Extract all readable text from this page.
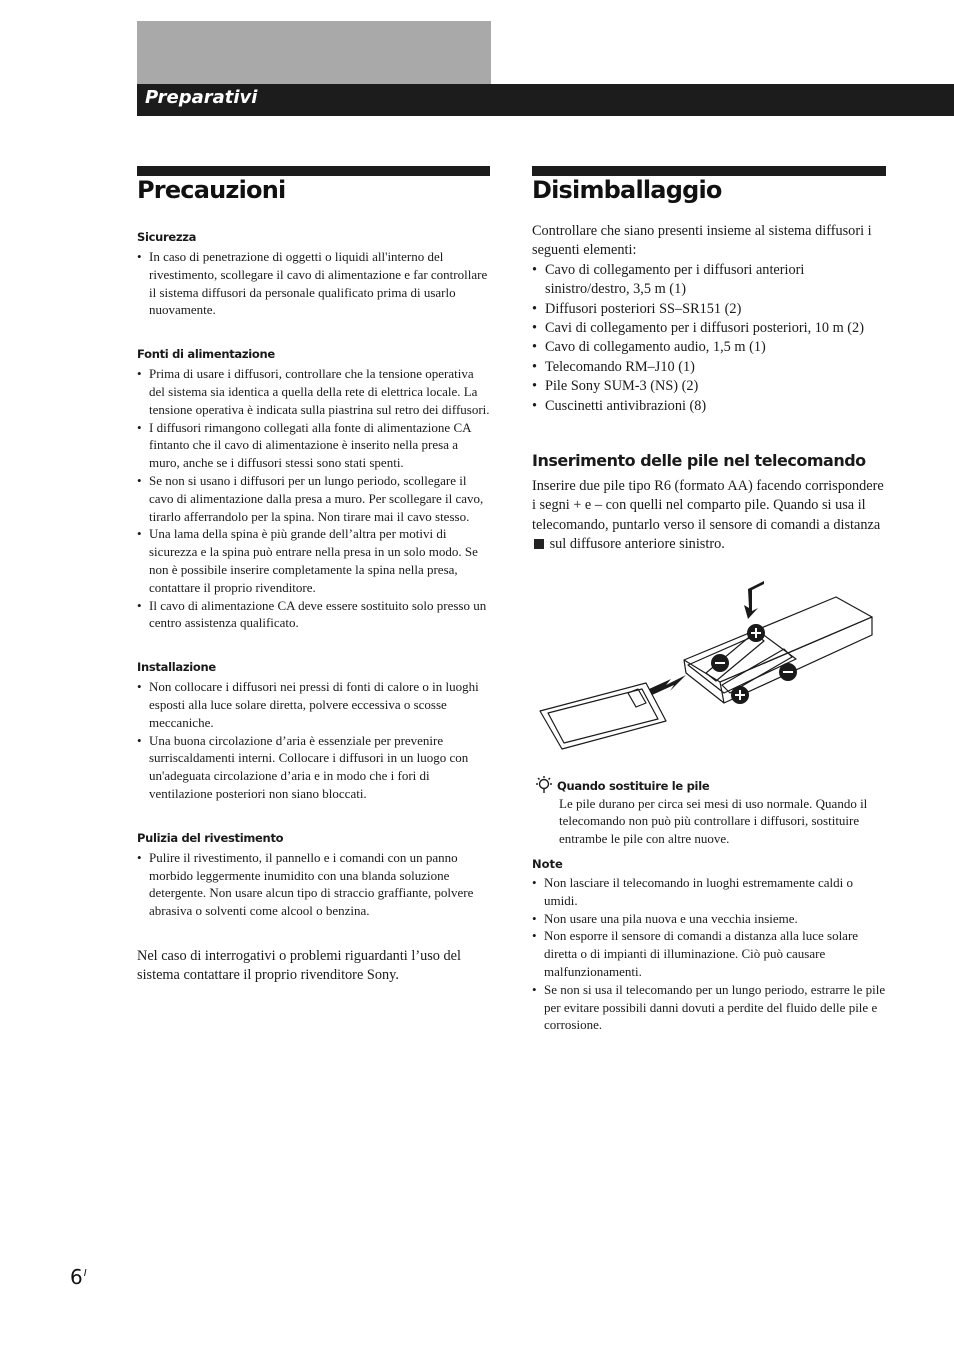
Preparativi
Precauzioni	Disimballaggio
Sicurezza
• In caso di penetrazione di oggetti o liquidi all'interno del rivestimento, scollegare il cavo di alimentazione e far controllare il sistema diffusori da personale qualificato prima di usarlo nuovamente.
Fonti di alimentazione
• Prima di usare i diffusori, controllare che la tensione operativa del sistema sia identica a quella della rete di elettrica locale. La tensione operativa è indicata sulla piastrina sul retro dei diffusori.
• I diffusori rimangono collegati alla fonte di alimentazione CA fintanto che il cavo di alimentazione è inserito nella presa a muro, anche se i diffusori stessi sono stati spenti.
• Se non si usano i diffusori per un lungo periodo, scollegare il cavo di alimentazione dalla presa a muro. Per scollegare il cavo, tirarlo afferrandolo per la spina. Non tirare mai il cavo stesso.
• Una lama della spina è più grande dell’altra per motivi di sicurezza e la spina può entrare nella presa in un solo modo. Se non è possibile inserire completamente la spina nella presa, contattare il proprio rivenditore.
• Il cavo di alimentazione CA deve essere sostituito solo presso un centro assistenza qualificato.
Installazione
• Non collocare i diffusori nei pressi di fonti di calore o in luoghi esposti alla luce solare diretta, polvere eccessiva o scosse meccaniche.
• Una buona circolazione d’aria è essenziale per prevenire surriscaldamenti interni. Collocare i diffusori in un luogo con un'adeguata circolazione d’aria e in modo che i fori di ventilazione posteriori non siano bloccati.
Pulizia del rivestimento
• Pulire il rivestimento, il pannello e i comandi con un panno morbido leggermente inumidito con una blanda soluzione detergente. Non usare alcun tipo di straccio graffiante, polvere abrasiva o solventi come alcool o benzina.

Nel caso di interrogativi o problemi riguardanti l’uso del sistema contattare il proprio rivenditore Sony.

Controllare che siano presenti insieme al sistema diffusori i seguenti elementi:

• Cavo di collegamento per i diffusori anteriori sinistro/destro, 3,5 m (1)
• Diffusori posteriori SS–SR151 (2)
• Cavi di collegamento per i diffusori posteriori, 10 m (2)
• Cavo di collegamento audio, 1,5 m (1)
• Telecomando RM–J10 (1)
• Pile Sony SUM-3 (NS) (2)
• Cuscinetti antivibrazioni (8)
Inserimento delle pile nel telecomando

Inserire due pile tipo R6 (formato AA) facendo corrispondere i segni + e – con quelli nel comparto pile. Quando si usa il telecomando, puntarlo verso il sensore di comandi a distanza  sul diffusore anteriore sinistro.

Quando sostituire le pile

Le pile durano per circa sei mesi di uso normale. Quando il telecomando non può più controllare i diffusori, sostituire entrambe le pile con altre nuove.

Note
• Non lasciare il telecomando in luoghi estremamente caldi o umidi.
• Non usare una pila nuova e una vecchia insieme.
• Non esporre il sensore di comandi a distanza alla luce solare diretta o di impianti di illuminazione. Ciò può causare malfunzionamenti.
• Se non si usa il telecomando per un lungo periodo, estrarre le pile per evitare possibili danni dovuti a perdite del fluido delle pile e corrosione.
$6^I$
